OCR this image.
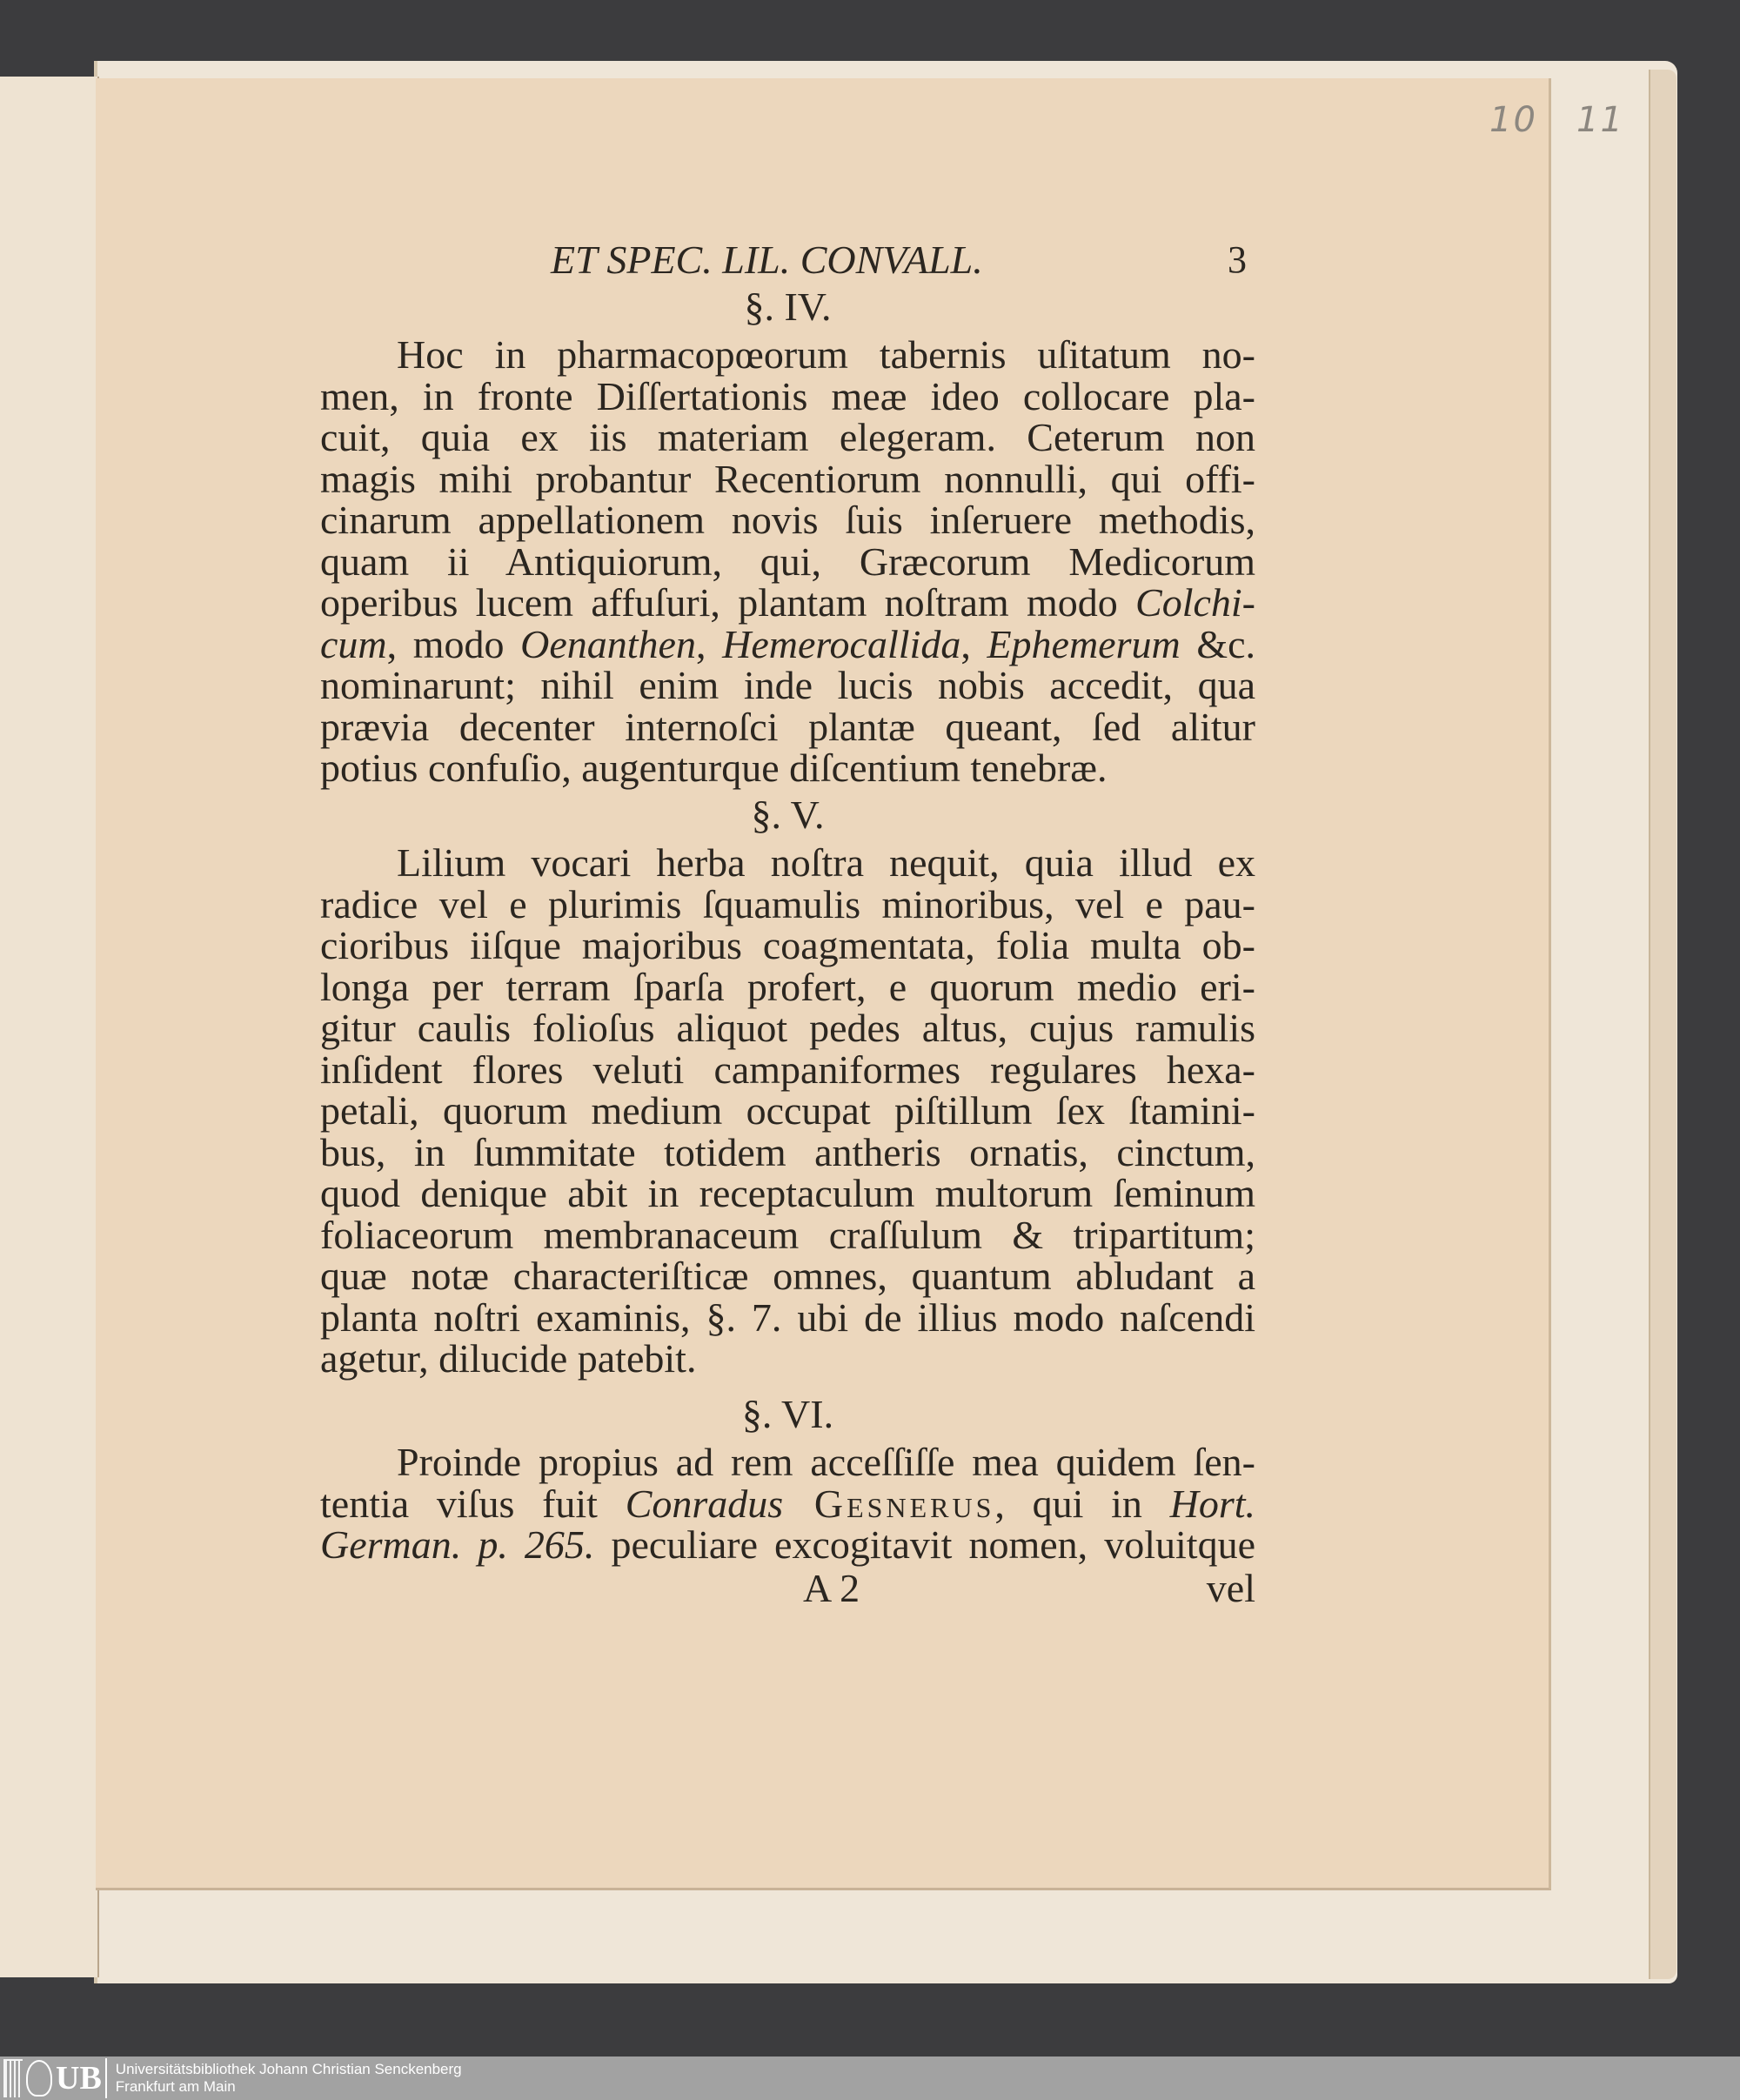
10 11
ET SPEC. LIL. CONVALL.	3
§. IV.
Hoc in pharmacopœorum tabernis uſitatum no-
men, in fronte Diſſertationis meæ ideo collocare pla-
cuit, quia ex iis materiam elegeram. Ceterum non
magis mihi probantur Recentiorum nonnulli, qui offi-
cinarum appellationem novis ſuis inſeruere methodis,
quam ii Antiquiorum, qui, Græcorum Medicorum
operibus lucem affuſuri, plantam noſtram modo Colchi-
cum, modo Oenanthen, Hemerocallida, Ephemerum &c.
nominarunt; nihil enim inde lucis nobis accedit, qua
prævia decenter internoſci plantæ queant, ſed alitur
potius confuſio, augenturque diſcentium tenebræ.
§. V.
Lilium vocari herba noſtra nequit, quia illud ex
radice vel e plurimis ſquamulis minoribus, vel e pau-
cioribus iiſque majoribus coagmentata, folia multa ob-
longa per terram ſparſa profert, e quorum medio eri-
gitur caulis folioſus aliquot pedes altus, cujus ramulis
inſident flores veluti campaniformes regulares hexa-
petali, quorum medium occupat piſtillum ſex ſtamini-
bus, in ſummitate totidem antheris ornatis, cinctum,
quod denique abit in receptaculum multorum ſeminum
foliaceorum membranaceum craſſulum & tripartitum;
quæ notæ characteriſticæ omnes, quantum abludant a
planta noſtri examinis, §. 7. ubi de illius modo naſcendi
agetur, dilucide patebit.
§. VI.
Proinde propius ad rem acceſſiſſe mea quidem ſen-
tentia viſus fuit Conradus Gesnerus, qui in Hort.
German. p. 265. peculiare excogitavit nomen, voluitque
A 2	vel
UB Universitätsbibliothek Johann Christian Senckenberg
Frankfurt am Main
